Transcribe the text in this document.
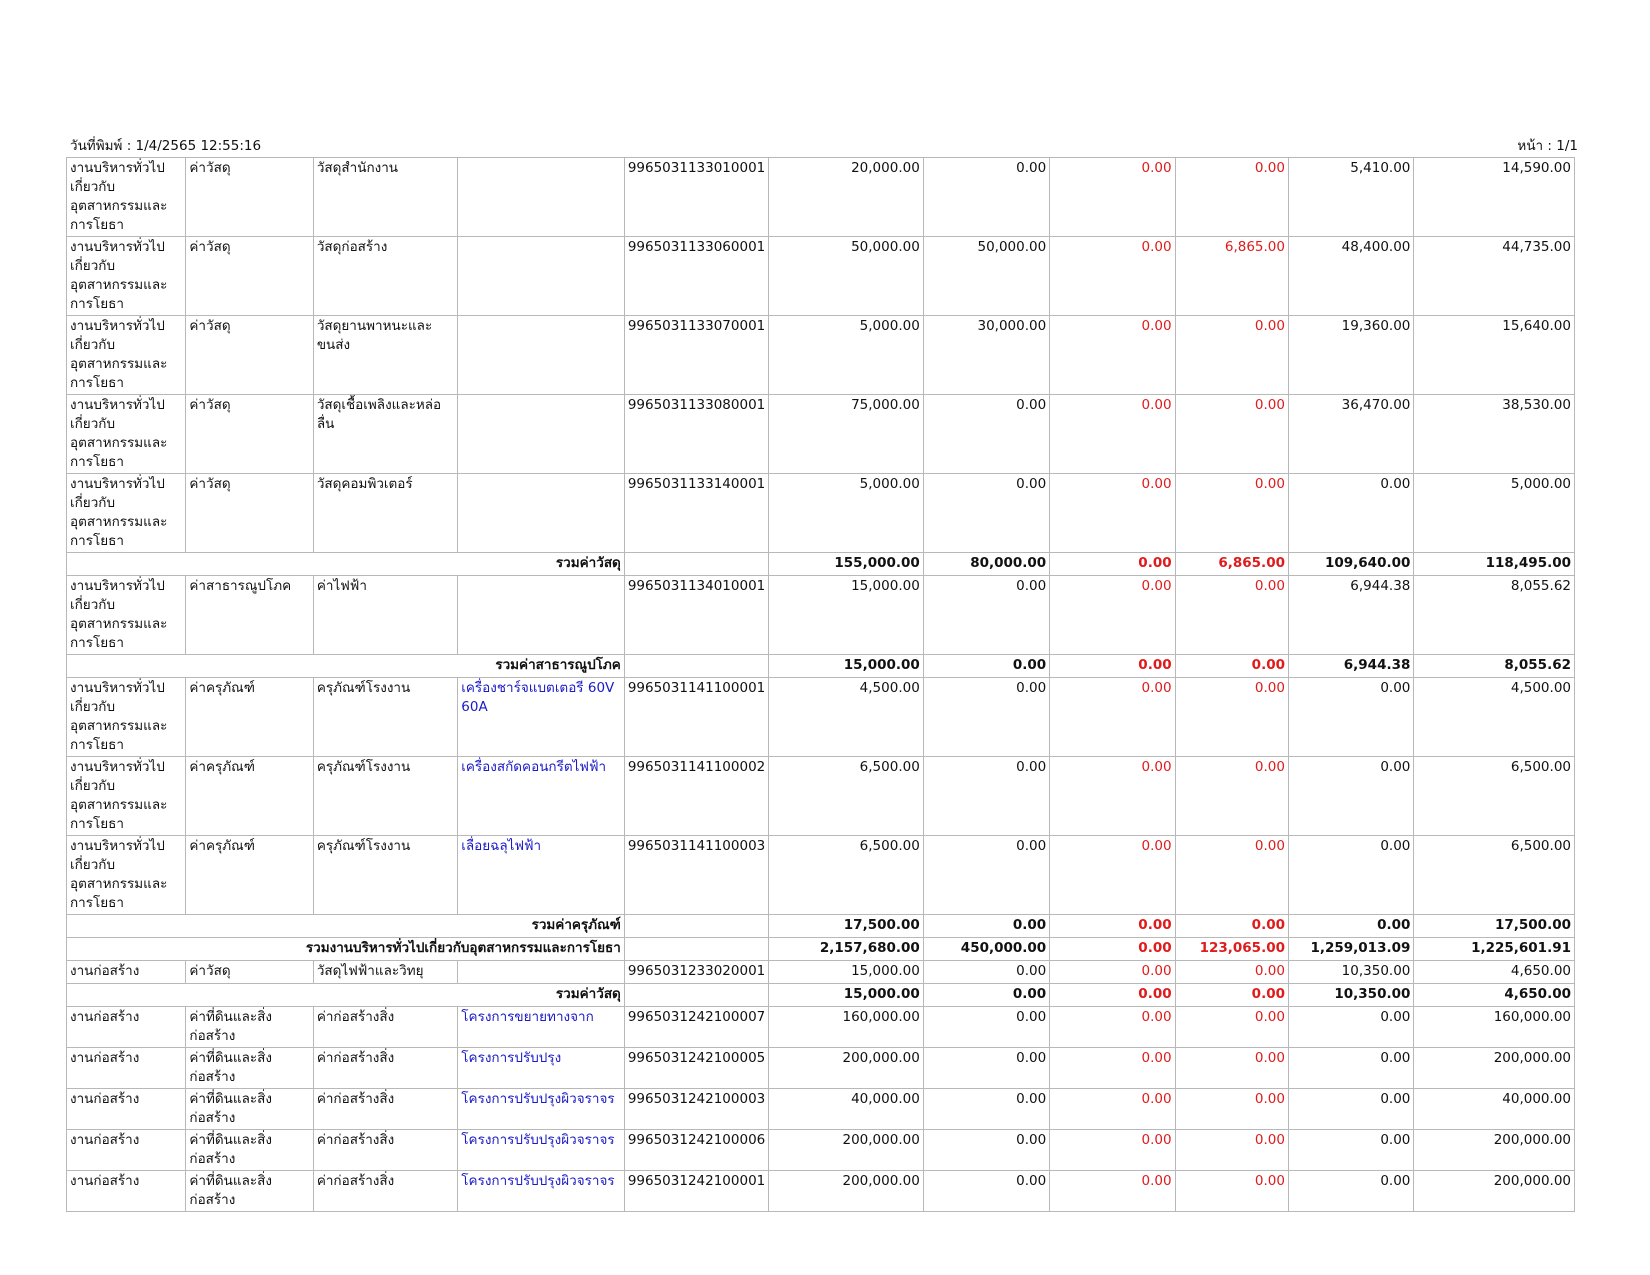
วันที่พิมพ์ : 1/4/2565 12:55:16	หน้า : 1/1
งานบริหารทั่วไปเกี่ยวกับอุตสาหกรรมและการโยธา	ค่าวัสดุ	วัสดุสำนักงาน		9965031133010001	20,000.00	0.00	0.00	0.00	5,410.00	14,590.00
งานบริหารทั่วไปเกี่ยวกับอุตสาหกรรมและการโยธา	ค่าวัสดุ	วัสดุก่อสร้าง		9965031133060001	50,000.00	50,000.00	0.00	6,865.00	48,400.00	44,735.00
งานบริหารทั่วไปเกี่ยวกับอุตสาหกรรมและการโยธา	ค่าวัสดุ	วัสดุยานพาหนะและขนส่ง		9965031133070001	5,000.00	30,000.00	0.00	0.00	19,360.00	15,640.00
งานบริหารทั่วไปเกี่ยวกับอุตสาหกรรมและการโยธา	ค่าวัสดุ	วัสดุเชื้อเพลิงและหล่อลื่น		9965031133080001	75,000.00	0.00	0.00	0.00	36,470.00	38,530.00
งานบริหารทั่วไปเกี่ยวกับอุตสาหกรรมและการโยธา	ค่าวัสดุ	วัสดุคอมพิวเตอร์		9965031133140001	5,000.00	0.00	0.00	0.00	0.00	5,000.00
รวมค่าวัสดุ					155,000.00	80,000.00	0.00	6,865.00	109,640.00	118,495.00
งานบริหารทั่วไปเกี่ยวกับอุตสาหกรรมและการโยธา	ค่าสาธารณูปโภค	ค่าไฟฟ้า		9965031134010001	15,000.00	0.00	0.00	0.00	6,944.38	8,055.62
รวมค่าสาธารณูปโภค					15,000.00	0.00	0.00	0.00	6,944.38	8,055.62
งานบริหารทั่วไปเกี่ยวกับอุตสาหกรรมและการโยธา	ค่าครุภัณฑ์	ครุภัณฑ์โรงงาน	เครื่องชาร์จแบตเตอรี 60V 60A	9965031141100001	4,500.00	0.00	0.00	0.00	0.00	4,500.00
งานบริหารทั่วไปเกี่ยวกับอุตสาหกรรมและการโยธา	ค่าครุภัณฑ์	ครุภัณฑ์โรงงาน	เครื่องสกัดคอนกรีตไฟฟ้า	9965031141100002	6,500.00	0.00	0.00	0.00	0.00	6,500.00
งานบริหารทั่วไปเกี่ยวกับอุตสาหกรรมและการโยธา	ค่าครุภัณฑ์	ครุภัณฑ์โรงงาน	เลื่อยฉลุไฟฟ้า	9965031141100003	6,500.00	0.00	0.00	0.00	0.00	6,500.00
รวมค่าครุภัณฑ์					17,500.00	0.00	0.00	0.00	0.00	17,500.00
รวมงานบริหารทั่วไปเกี่ยวกับอุตสาหกรรมและการโยธา					2,157,680.00	450,000.00	0.00	123,065.00	1,259,013.09	1,225,601.91
งานก่อสร้าง	ค่าวัสดุ	วัสดุไฟฟ้าและวิทยุ		9965031233020001	15,000.00	0.00	0.00	0.00	10,350.00	4,650.00
รวมค่าวัสดุ					15,000.00	0.00	0.00	0.00	10,350.00	4,650.00
งานก่อสร้าง	ค่าที่ดินและสิ่งก่อสร้าง	ค่าก่อสร้างสิ่ง	โครงการขยายทางจาก	9965031242100007	160,000.00	0.00	0.00	0.00	0.00	160,000.00
งานก่อสร้าง	ค่าที่ดินและสิ่งก่อสร้าง	ค่าก่อสร้างสิ่ง	โครงการปรับปรุง	9965031242100005	200,000.00	0.00	0.00	0.00	0.00	200,000.00
งานก่อสร้าง	ค่าที่ดินและสิ่งก่อสร้าง	ค่าก่อสร้างสิ่ง	โครงการปรับปรุงผิวจราจร	9965031242100003	40,000.00	0.00	0.00	0.00	0.00	40,000.00
งานก่อสร้าง	ค่าที่ดินและสิ่งก่อสร้าง	ค่าก่อสร้างสิ่ง	โครงการปรับปรุงผิวจราจร	9965031242100006	200,000.00	0.00	0.00	0.00	0.00	200,000.00
งานก่อสร้าง	ค่าที่ดินและสิ่งก่อสร้าง	ค่าก่อสร้างสิ่ง	โครงการปรับปรุงผิวจราจร	9965031242100001	200,000.00	0.00	0.00	0.00	0.00	200,000.00
